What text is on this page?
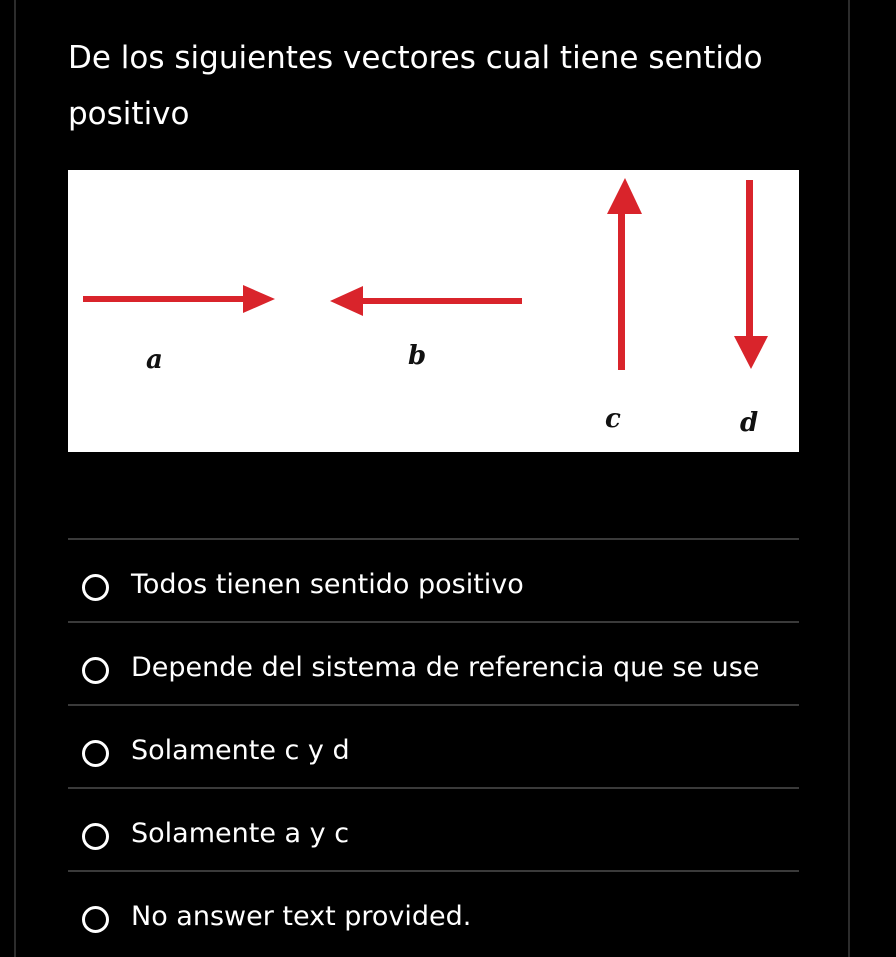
De los siguientes vectores cual tiene sentido positivo

a	b
c	d
Todos tienen sentido positivo
Depende del sistema de referencia que se use
Solamente c y d
Solamente a y c
No answer text provided.
